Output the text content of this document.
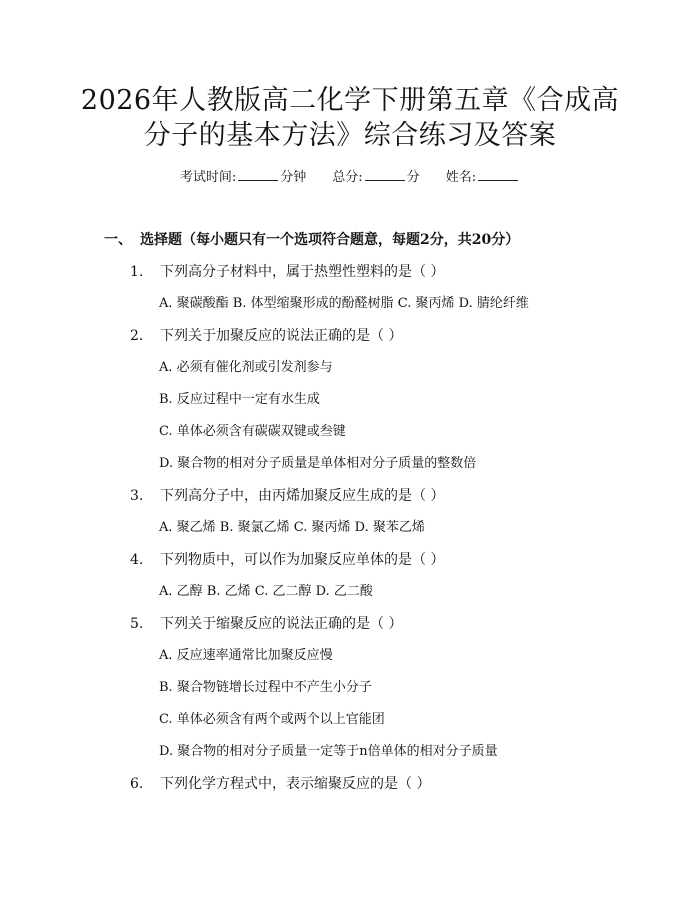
2026年人教版高二化学下册第五章《合成高
分子的基本方法》综合练习及答案
考试时间:	分钟 总分:	分 姓名:
一、 选择题（每小题只有一个选项符合题意，每题2分，共20分）
1. 下列高分子材料中，属于热塑性塑料的是（ ）
A. 聚碳酸酯 B. 体型缩聚形成的酚醛树脂 C. 聚丙烯 D. 腈纶纤维
2. 下列关于加聚反应的说法正确的是（ ）
A. 必须有催化剂或引发剂参与
B. 反应过程中一定有水生成
C. 单体必须含有碳碳双键或叁键
D. 聚合物的相对分子质量是单体相对分子质量的整数倍
3. 下列高分子中，由丙烯加聚反应生成的是（ ）
A. 聚乙烯 B. 聚氯乙烯 C. 聚丙烯 D. 聚苯乙烯
4. 下列物质中，可以作为加聚反应单体的是（ ）
A. 乙醇 B. 乙烯 C. 乙二醇 D. 乙二酸
5. 下列关于缩聚反应的说法正确的是（ ）
A. 反应速率通常比加聚反应慢
B. 聚合物链增长过程中不产生小分子
C. 单体必须含有两个或两个以上官能团
D. 聚合物的相对分子质量一定等于n倍单体的相对分子质量
6. 下列化学方程式中，表示缩聚反应的是（ ）
